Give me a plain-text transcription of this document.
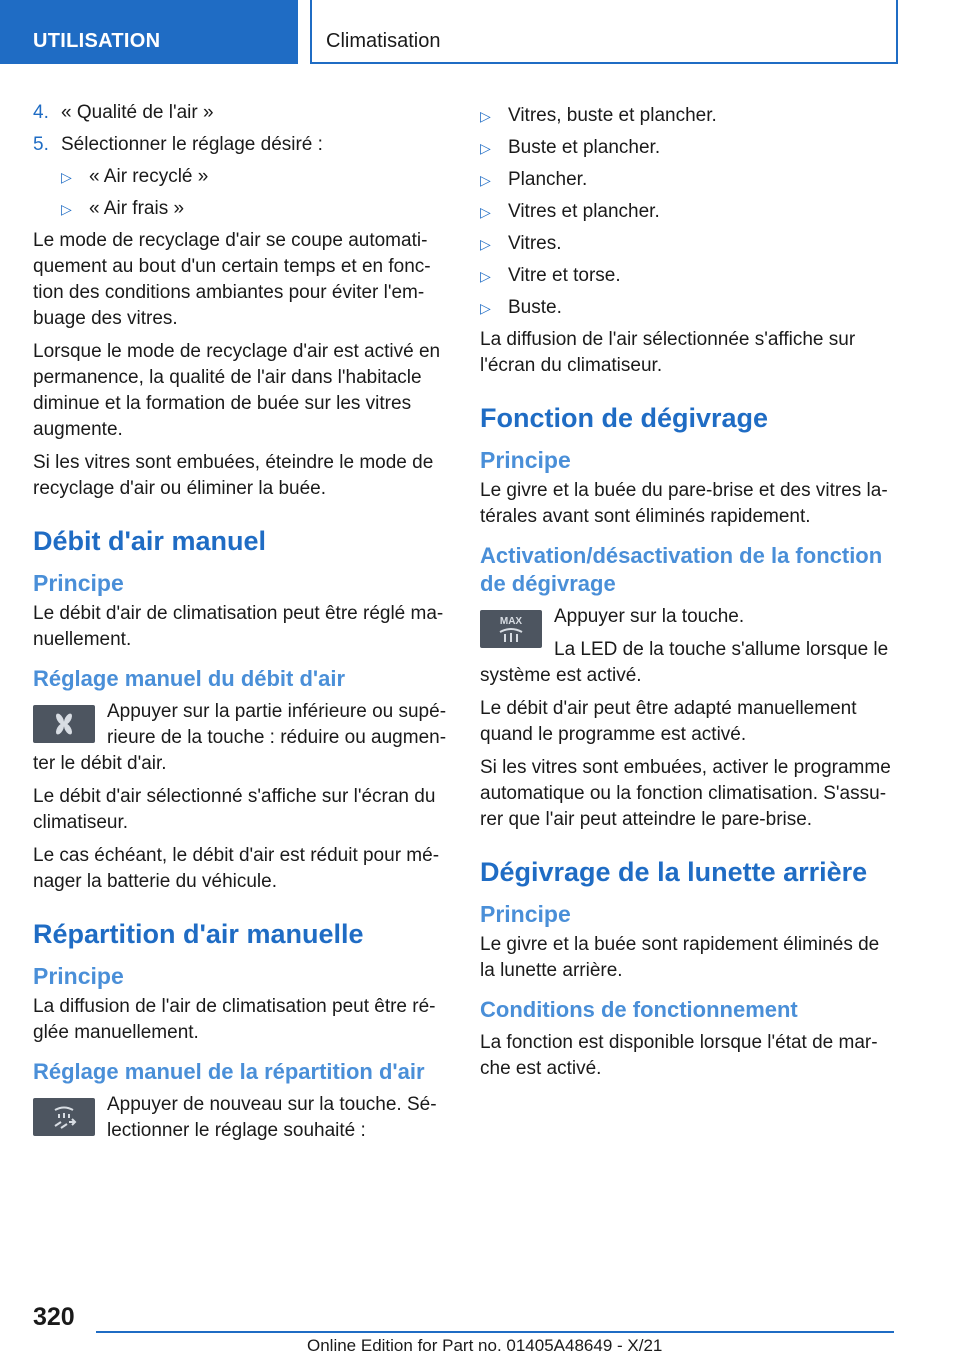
UTILISATION	Climatisation
4. « Qualité de l'air »
5. Sélectionner le réglage désiré :
▷ « Air recyclé »
▷ « Air frais »

Le mode de recyclage d'air se coupe automatiquement au bout d'un certain temps et en fonction des conditions ambiantes pour éviter l'embuage des vitres.

Lorsque le mode de recyclage d'air est activé en permanence, la qualité de l'air dans l'habitacle diminue et la formation de buée sur les vitres augmente.

Si les vitres sont embuées, éteindre le mode de recyclage d'air ou éliminer la buée.

Débit d'air manuel
Principe

Le débit d'air de climatisation peut être réglé manuellement.

Réglage manuel du débit d'air

Appuyer sur la partie inférieure ou supérieure de la touche : réduire ou augmenter le débit d'air.

Le débit d'air sélectionné s'affiche sur l'écran du climatiseur.

Le cas échéant, le débit d'air est réduit pour ménager la batterie du véhicule.

Répartition d'air manuelle
Principe

La diffusion de l'air de climatisation peut être réglée manuellement.

Réglage manuel de la répartition d'air

Appuyer de nouveau sur la touche. Sélectionner le réglage souhaité :

▷ Vitres, buste et plancher.
▷ Buste et plancher.
▷ Plancher.
▷ Vitres et plancher.
▷ Vitres.
▷ Vitre et torse.
▷ Buste.

La diffusion de l'air sélectionnée s'affiche sur l'écran du climatiseur.

Fonction de dégivrage
Principe

Le givre et la buée du pare-brise et des vitres latérales avant sont éliminés rapidement.

Activation/désactivation de la fonction de dégivrage
MAX	Appuyer sur la touche.

La LED de la touche s'allume lorsque le système est activé.

Le débit d'air peut être adapté manuellement quand le programme est activé.

Si les vitres sont embuées, activer le programme automatique ou la fonction climatisation. S'assurer que l'air peut atteindre le pare-brise.

Dégivrage de la lunette arrière
Principe

Le givre et la buée sont rapidement éliminés de la lunette arrière.

Conditions de fonctionnement

La fonction est disponible lorsque l'état de marche est activé.

320
Online Edition for Part no. 01405A48649 - X/21
